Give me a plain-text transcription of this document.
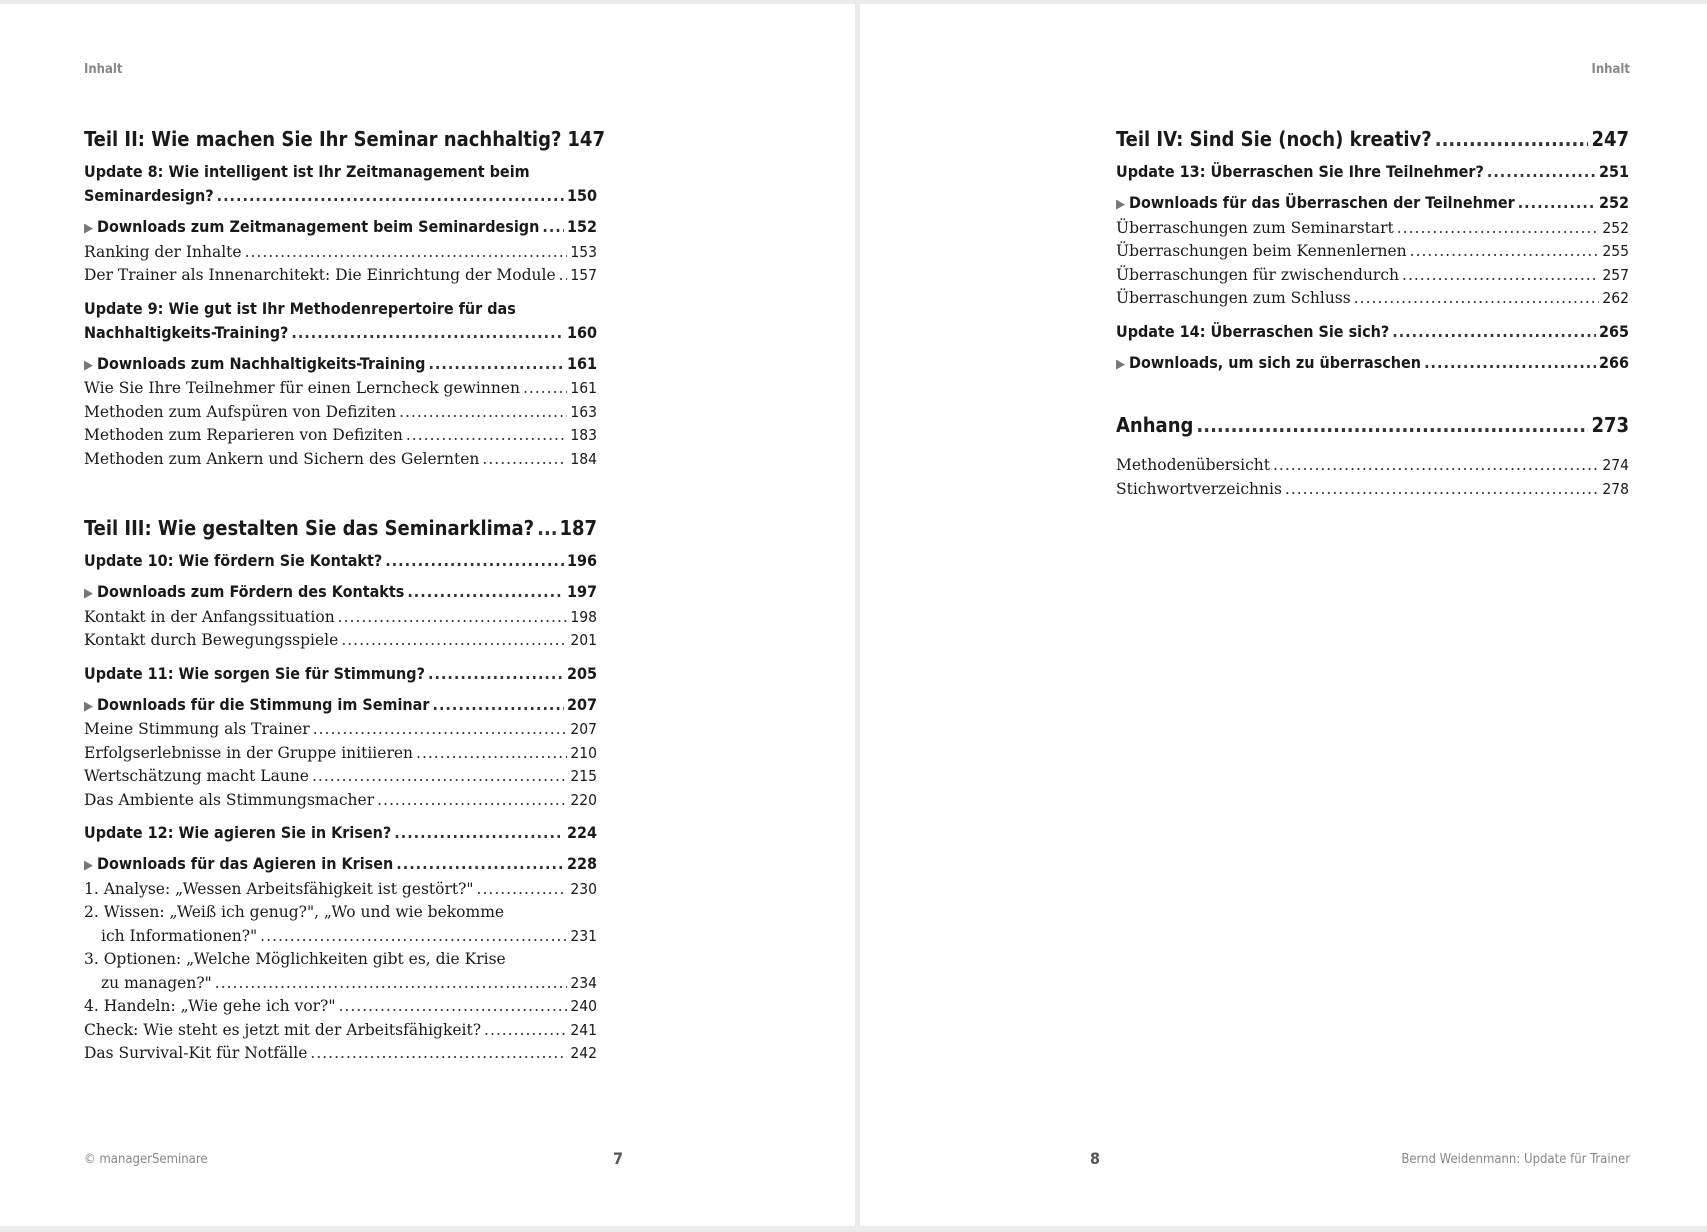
Inhalt
Teil II: Wie machen Sie Ihr Seminar nachhaltig? 147
Update 8: Wie intelligent ist Ihr Zeitmanagement beim
Seminardesign? .....	150
▶ Downloads zum Zeitmanagement beim Seminardesign ..... 152
Ranking der Inhalte .....	153
Der Trainer als Innenarchitekt: Die Einrichtung der Module ..... 157
Update 9: Wie gut ist Ihr Methodenrepertoire für das
Nachhaltigkeits-Training? .....	160
▶ Downloads zum Nachhaltigkeits-Training .....	161
Wie Sie Ihre Teilnehmer für einen Lerncheck gewinnen .....	161
Methoden zum Aufspüren von Defiziten .....	163
Methoden zum Reparieren von Defiziten .....	183
Methoden zum Ankern und Sichern des Gelernten .....	184
Teil III: Wie gestalten Sie das Seminarklima? ..... 187
Update 10: Wie fördern Sie Kontakt? .....	196
▶ Downloads zum Fördern des Kontakts .....	197
Kontakt in der Anfangssituation .....	198
Kontakt durch Bewegungsspiele .....	201
Update 11: Wie sorgen Sie für Stimmung? .....	205
▶ Downloads für die Stimmung im Seminar .....	207
Meine Stimmung als Trainer .....	207
Erfolgserlebnisse in der Gruppe initiieren .....	210
Wertschätzung macht Laune .....	215
Das Ambiente als Stimmungsmacher .....	220
Update 12: Wie agieren Sie in Krisen? .....	224
▶ Downloads für das Agieren in Krisen .....	228
1. Analyse: „Wessen Arbeitsfähigkeit ist gestört?" .....	230
2. Wissen: „Weiß ich genug?", „Wo und wie bekomme
ich Informationen?" .....	231
3. Optionen: „Welche Möglichkeiten gibt es, die Krise
zu managen?" .....	234
4. Handeln: „Wie gehe ich vor?" .....	240
Check: Wie steht es jetzt mit der Arbeitsfähigkeit? .....	241
Das Survival-Kit für Notfälle .....	242
© managerSeminare	7
Inhalt
Teil IV: Sind Sie (noch) kreativ? .....	247
Update 13: Überraschen Sie Ihre Teilnehmer? .....	251
▶ Downloads für das Überraschen der Teilnehmer .....	252
Überraschungen zum Seminarstart .....	252
Überraschungen beim Kennenlernen .....	255
Überraschungen für zwischendurch .....	257
Überraschungen zum Schluss .....	262
Update 14: Überraschen Sie sich? .....	265
▶ Downloads, um sich zu überraschen .....	266
Anhang .....	273
Methodenübersicht .....	274
Stichwortverzeichnis .....	278
8	Bernd Weidenmann: Update für Trainer
